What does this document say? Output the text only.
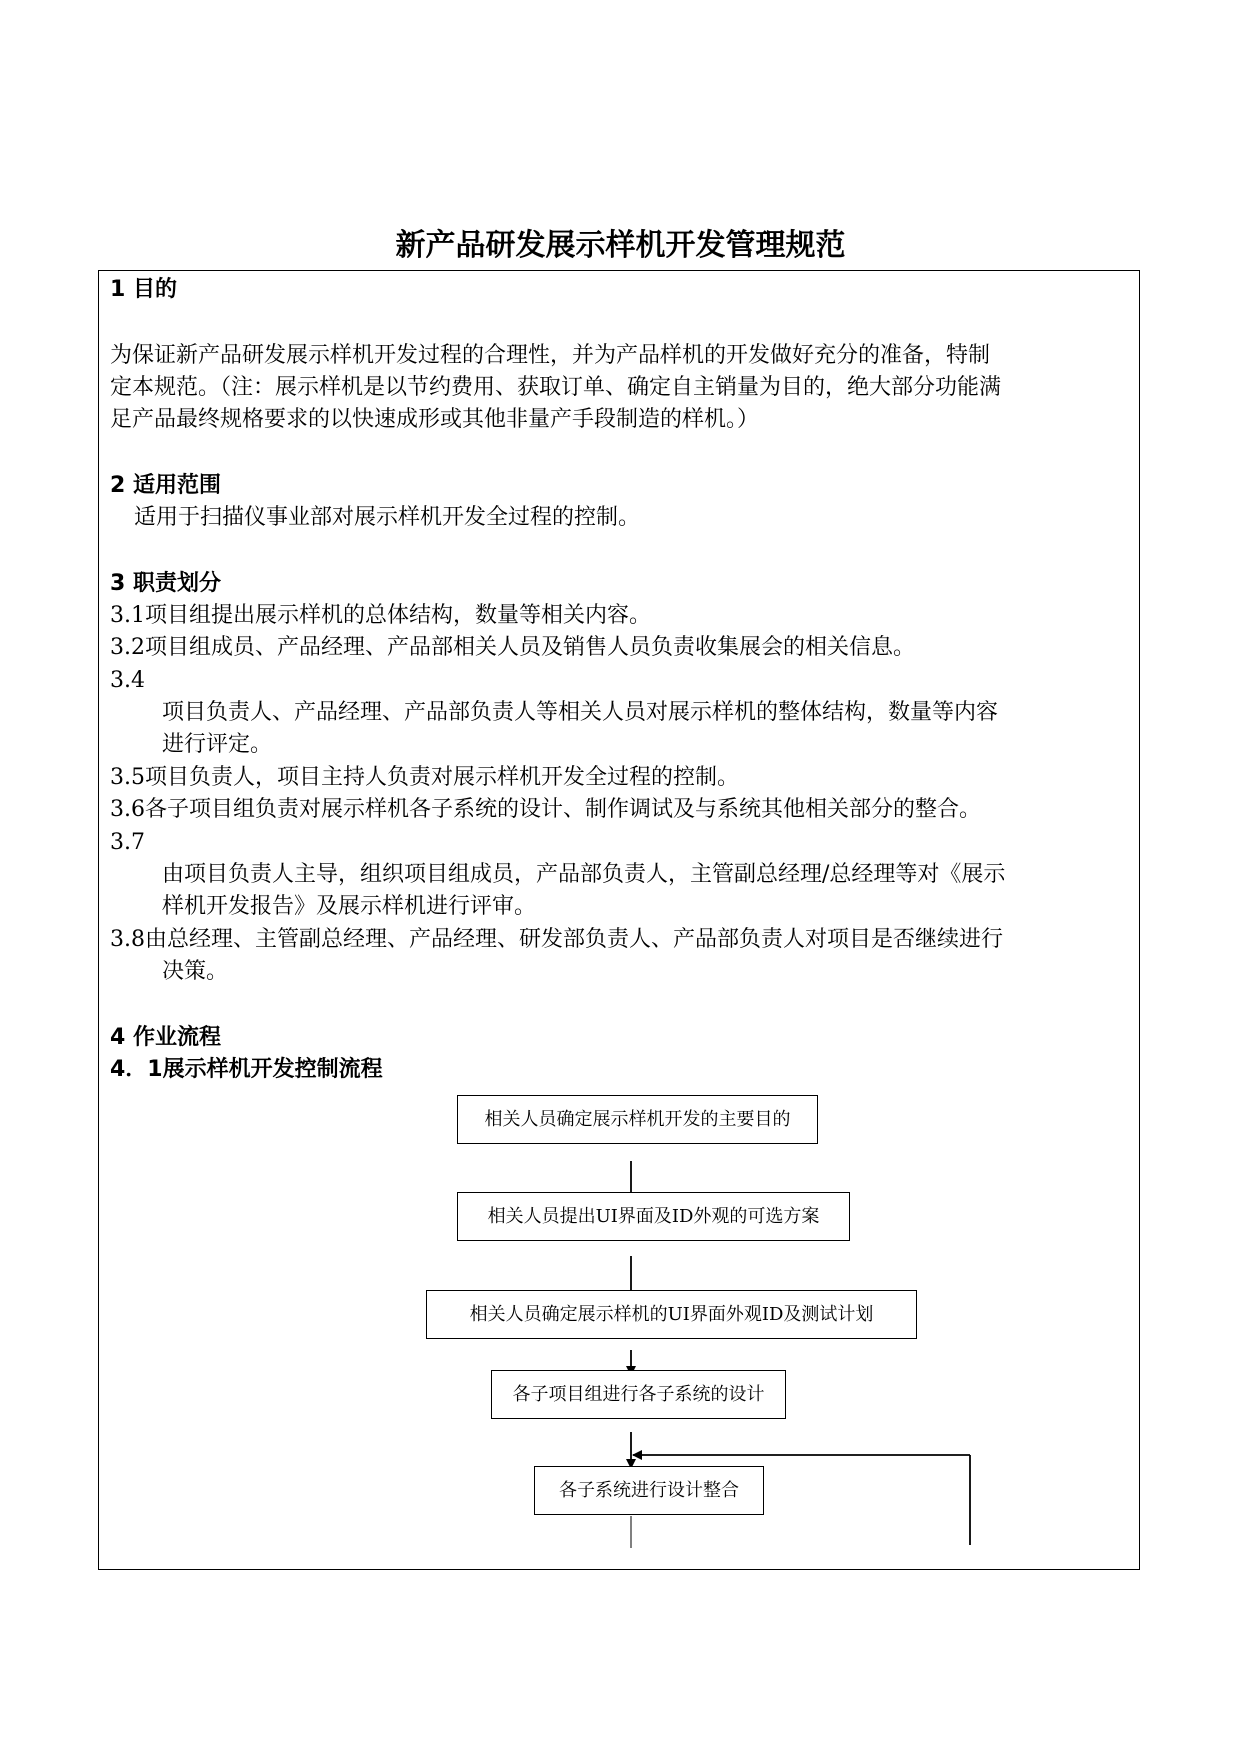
新产品研发展示样机开发管理规范
1 目的
为保证新产品研发展示样机开发过程的合理性，并为产品样机的开发做好充分的准备，特制
定本规范。（注：展示样机是以节约费用、获取订单、确定自主销量为目的，绝大部分功能满
足产品最终规格要求的以快速成形或其他非量产手段制造的样机。）
2 适用范围
适用于扫描仪事业部对展示样机开发全过程的控制。
3 职责划分
3.1项目组提出展示样机的总体结构，数量等相关内容。
3.2项目组成员、产品经理、产品部相关人员及销售人员负责收集展会的相关信息。
3.4
项目负责人、产品经理、产品部负责人等相关人员对展示样机的整体结构，数量等内容
进行评定。
3.5项目负责人，项目主持人负责对展示样机开发全过程的控制。
3.6各子项目组负责对展示样机各子系统的设计、制作调试及与系统其他相关部分的整合。
3.7
由项目负责人主导，组织项目组成员，产品部负责人，主管副总经理/总经理等对《展示
样机开发报告》及展示样机进行评审。
3.8由总经理、主管副总经理、产品经理、研发部负责人、产品部负责人对项目是否继续进行
决策。
4 作业流程
4．1展示样机开发控制流程
相关人员确定展示样机开发的主要目的
相关人员提出UI界面及ID外观的可选方案
相关人员确定展示样机的UI界面外观ID及测试计划
各子项目组进行各子系统的设计
各子系统进行设计整合
